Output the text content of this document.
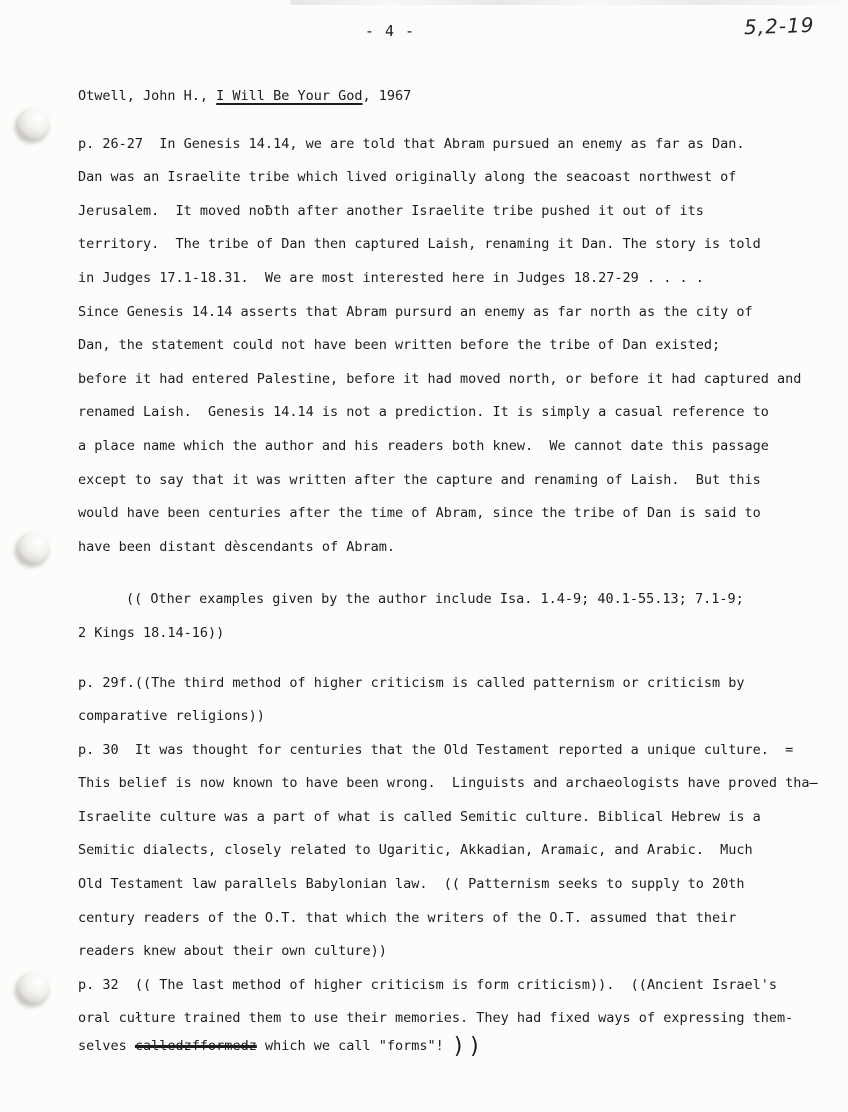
- 4 -	5,2-19
Otwell, John H., I Will Be Your God, 1967
p. 26-27  In Genesis 14.14, we are told that Abram pursued an enemy as far as Dan.
Dan was an Israelite tribe which lived originally along the seacoast northwest of
Jerusalem.  It moved noƀth after another Israelite tribe pushed it out of its
territory.  The tribe of Dan then captured Laish, renaming it Dan. The story is told
in Judges 17.1-18.31.  We are most interested here in Judges 18.27-29 . . . .
Since Genesis 14.14 asserts that Abram pursurd an enemy as far north as the city of
Dan, the statement could not have been written before the tribe of Dan existed;
before it had entered Palestine, before it had moved north, or before it had captured and
renamed Laish.  Genesis 14.14 is not a prediction. It is simply a casual reference to
a place name which the author and his readers both knew.  We cannot date this passage
except to say that it was written after the capture and renaming of Laish.  But this
would have been centuries after the time of Abram, since the tribe of Dan is said to
have been distant dèscendants of Abram.
(( Other examples given by the author include Isa. 1.4-9; 40.1-55.13; 7.1-9;
2 Kings 18.14-16))
p. 29f.((The third method of higher criticism is called patternism or criticism by
comparative religions))
p. 30  It was thought for centuries that the Old Testament reported a unique culture.  =
This belief is now known to have been wrong.  Linguists and archaeologists have proved tha̶
Israelite culture was a part of what is called Semitic culture. Biblical Hebrew is a
Semitic dialects, closely related to Ugaritic, Akkadian, Aramaic, and Arabic.  Much
Old Testament law parallels Babylonian law.  (( Patternism seeks to supply to 20th
century readers of the O.T. that which the writers of the O.T. assumed that their
readers knew about their own culture))
p. 32  (( The last method of higher criticism is form criticism)).  ((Ancient Israel's
oral cułture trained them to use their memories. They had fixed ways of expressing them-
selves calledzfformedz which we call "forms"! ))
